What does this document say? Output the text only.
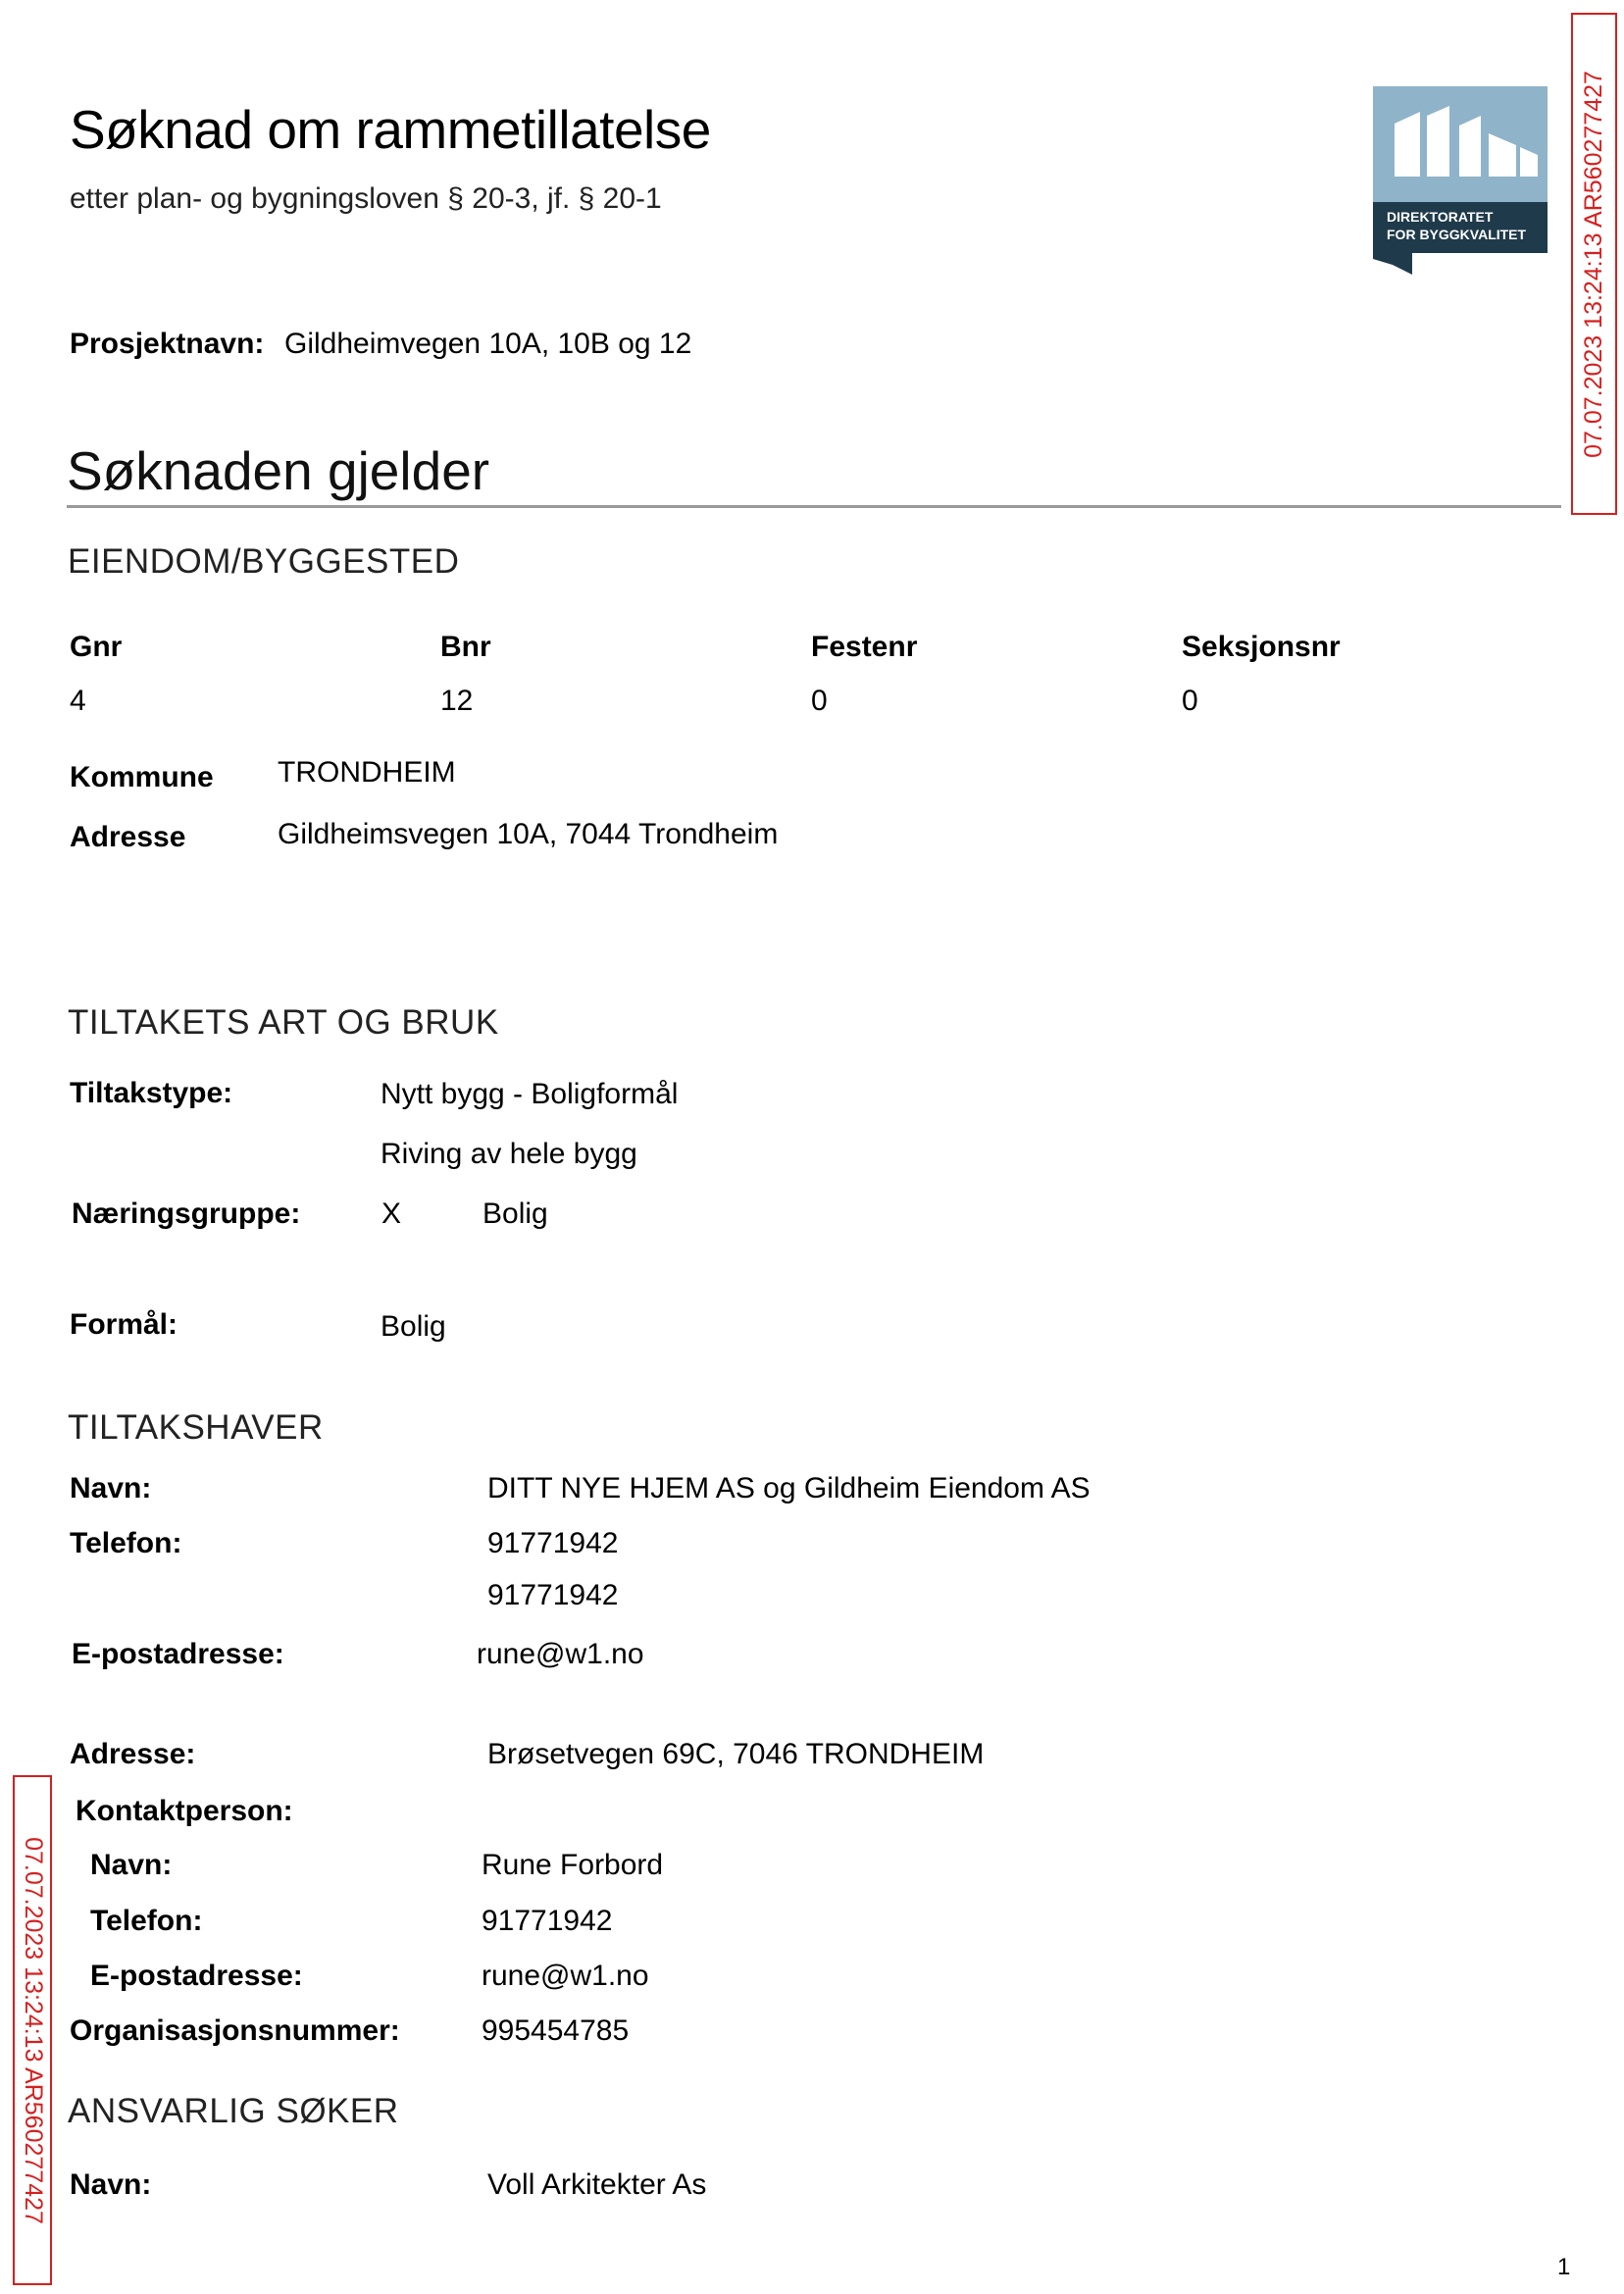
Søknad om rammetillatelse
etter plan- og bygningsloven § 20-3, jf. § 20-1
DIREKTORATET
FOR BYGGKVALITET 07.07.2023 13:24:13 AR560277427
07.07.2023 13:24:13 AR560277427
Prosjektnavn: Gildheimvegen 10A, 10B og 12
Søknaden gjelder
EIENDOM/BYGGESTED
Gnr	Bnr	Festenr	Seksjonsnr
4	12	0	0
Kommune TRONDHEIM
Adresse	Gildheimsvegen 10A, 7044 Trondheim
TILTAKETS ART OG BRUK
Tiltakstype:	Nytt bygg - Boligformål
Riving av hele bygg
Næringsgruppe:	X	Bolig
Formål:	Bolig
TILTAKSHAVER
Navn:	DITT NYE HJEM AS og Gildheim Eiendom AS
Telefon:	91771942
91771942
E-postadresse:	rune@w1.no
Adresse:	Brøsetvegen 69C, 7046 TRONDHEIM
Kontaktperson:
Navn:	Rune Forbord
Telefon:	91771942
E-postadresse:	rune@w1.no
Organisasjonsnummer:	995454785
ANSVARLIG SØKER
Navn:	Voll Arkitekter As
1
